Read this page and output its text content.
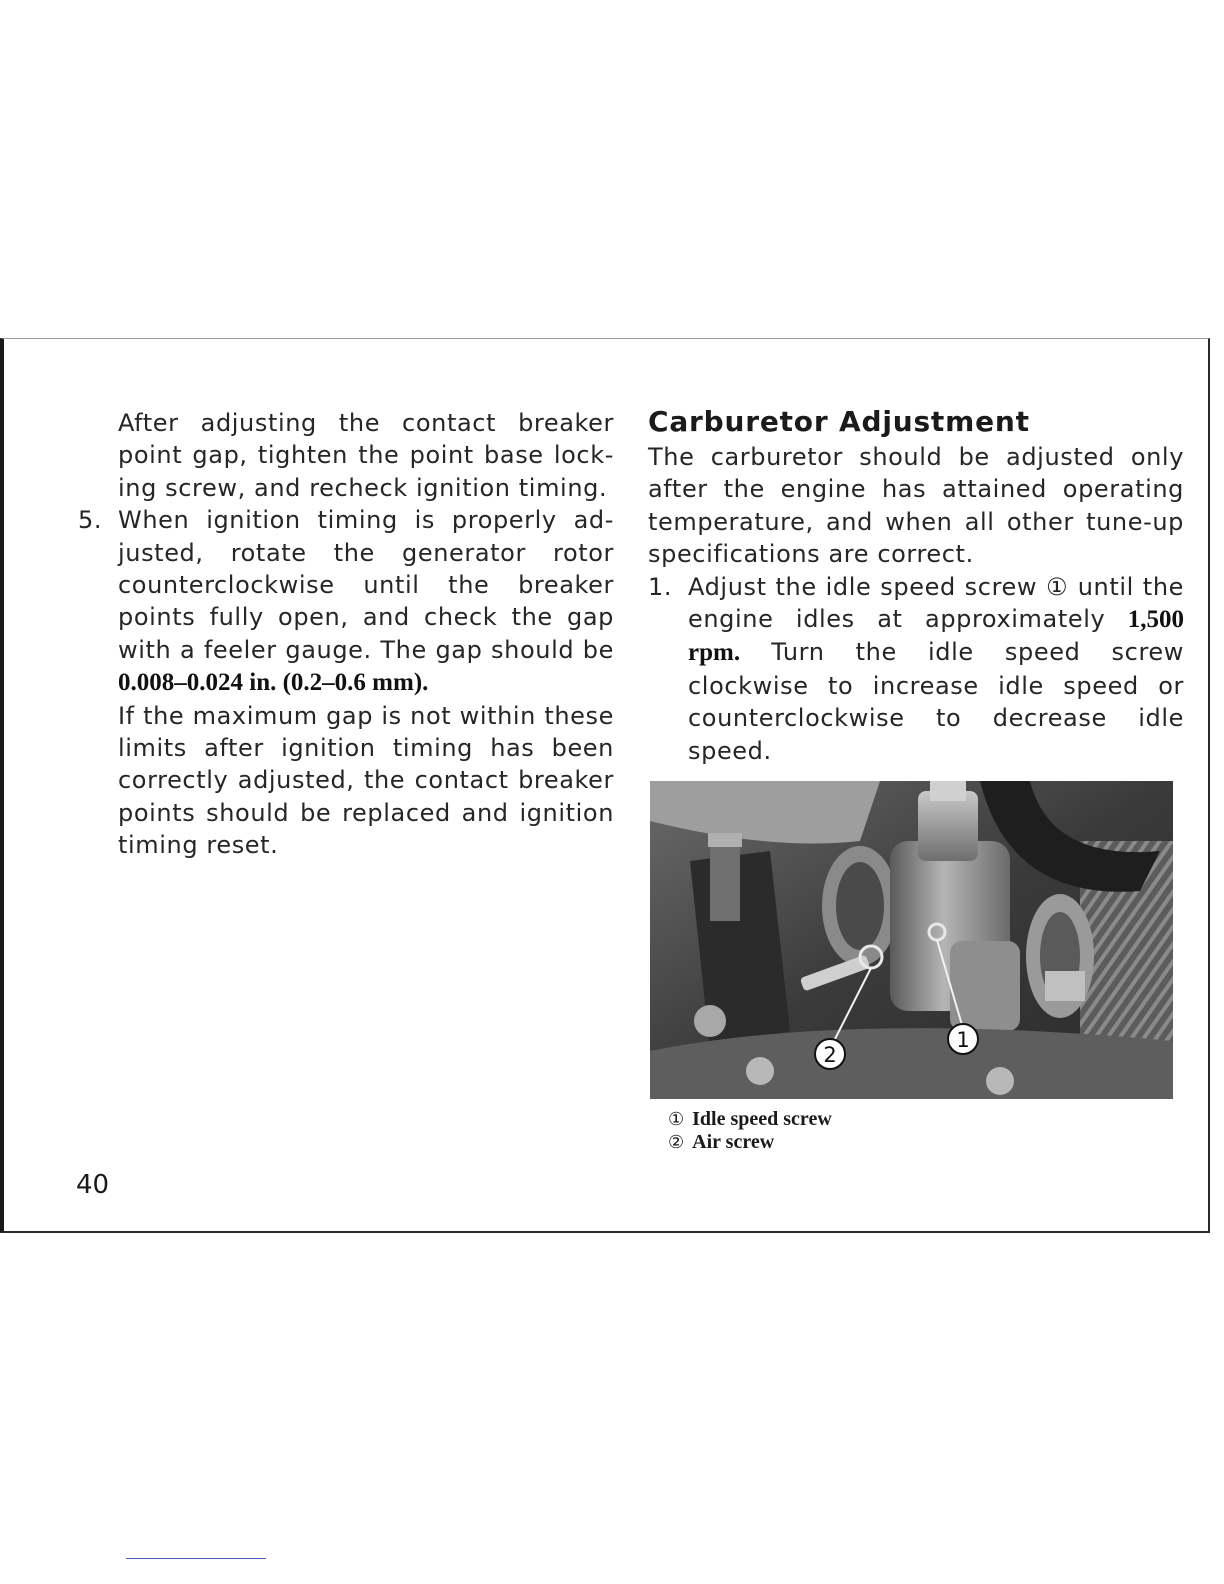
After adjusting the contact breaker point gap, tighten the point base lock-ing screw, and recheck ignition timing.

5. When ignition timing is properly ad-justed, rotate the generator rotor counterclockwise until the breaker points fully open, and check the gap with a feeler gauge. The gap should be 0.008–0.024 in. (0.2–0.6 mm).

If the maximum gap is not within these limits after ignition timing has been correctly adjusted, the contact breaker points should be replaced and ignition timing reset.

Carburetor Adjustment

The carburetor should be adjusted only after the engine has attained operating temperature, and when all other tune-up specifications are correct.

1. Adjust the idle speed screw ① until the engine idles at approximately 1,500 rpm. Turn the idle speed screw clockwise to increase idle speed or counterclockwise to decrease idle speed.

2
1
① Idle speed screw
② Air screw
40
